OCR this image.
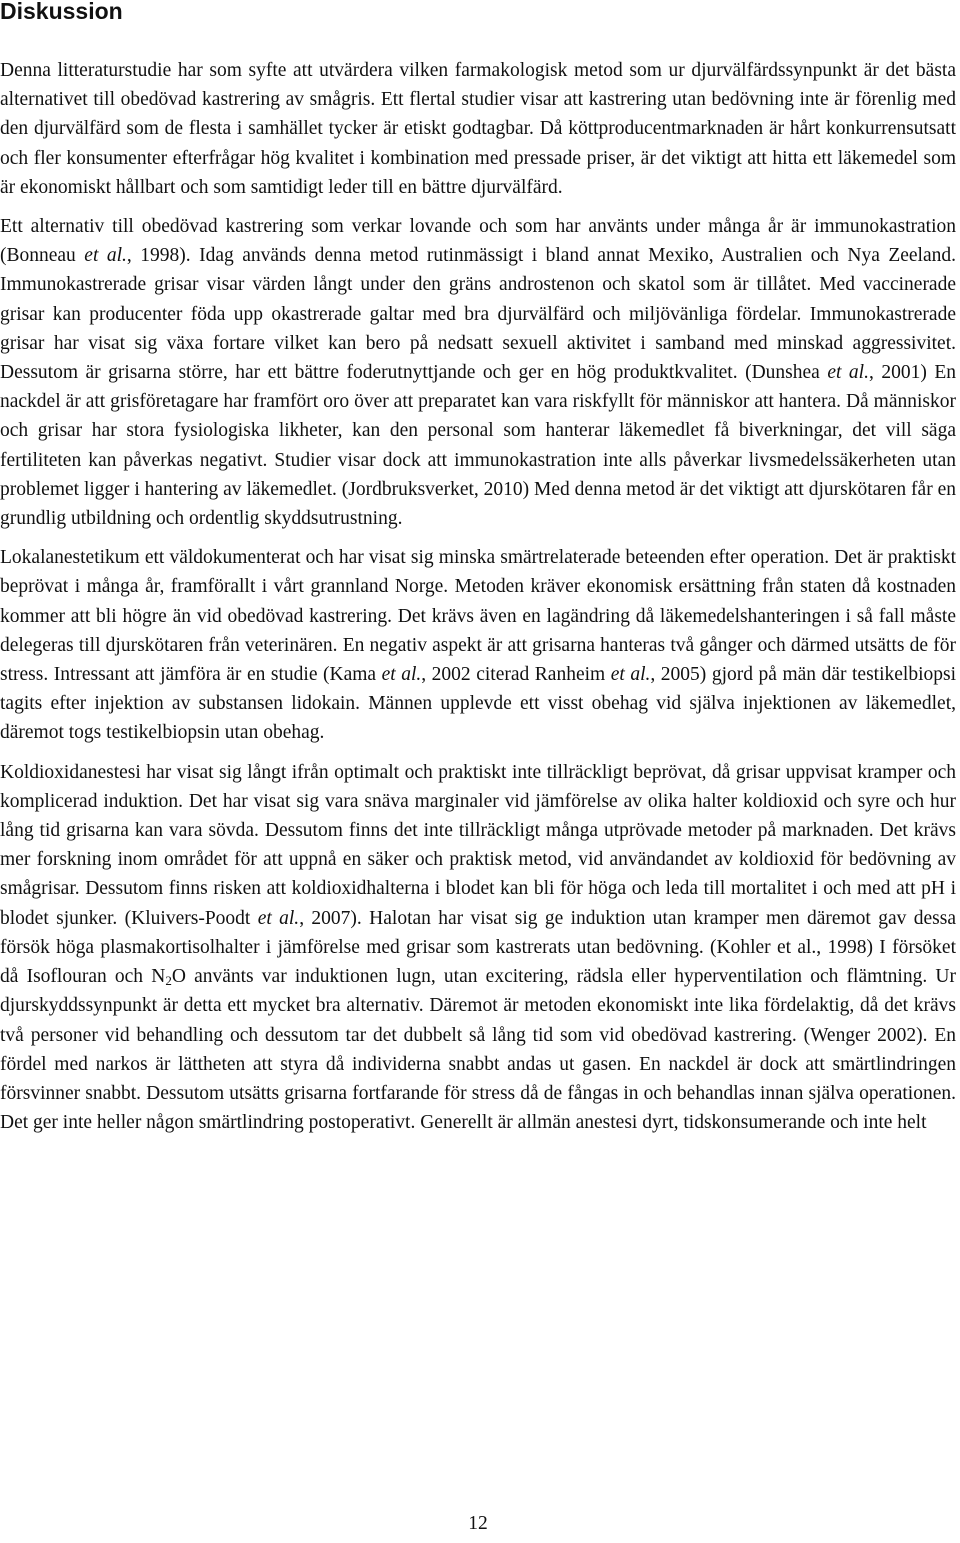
Diskussion

Denna litteraturstudie har som syfte att utvärdera vilken farmakologisk metod som ur djurvälfärdssynpunkt är det bästa alternativet till obedövad kastrering av smågris. Ett flertal studier visar att kastrering utan bedövning inte är förenlig med den djurvälfärd som de flesta i samhället tycker är etiskt godtagbar. Då köttproducentmarknaden är hårt konkurrensutsatt och fler konsumenter efterfrågar hög kvalitet i kombination med pressade priser, är det viktigt att hitta ett läkemedel som är ekonomiskt hållbart och som samtidigt leder till en bättre djurvälfärd.

Ett alternativ till obedövad kastrering som verkar lovande och som har använts under många år är immunokastration (Bonneau et al., 1998). Idag används denna metod rutinmässigt i bland annat Mexiko, Australien och Nya Zeeland. Immunokastrerade grisar visar värden långt under den gräns androstenon och skatol som är tillåtet. Med vaccinerade grisar kan producenter föda upp okastrerade galtar med bra djurvälfärd och miljövänliga fördelar. Immunokastrerade grisar har visat sig växa fortare vilket kan bero på nedsatt sexuell aktivitet i samband med minskad aggressivitet. Dessutom är grisarna större, har ett bättre foderutnyttjande och ger en hög produktkvalitet. (Dunshea et al., 2001) En nackdel är att grisföretagare har framfört oro över att preparatet kan vara riskfyllt för människor att hantera. Då människor och grisar har stora fysiologiska likheter, kan den personal som hanterar läkemedlet få biverkningar, det vill säga fertiliteten kan påverkas negativt. Studier visar dock att immunokastration inte alls påverkar livsmedelssäkerheten utan problemet ligger i hantering av läkemedlet. (Jordbruksverket, 2010) Med denna metod är det viktigt att djurskötaren får en grundlig utbildning och ordentlig skyddsutrustning.

Lokalanestetikum ett väldokumenterat och har visat sig minska smärtrelaterade beteenden efter operation. Det är praktiskt beprövat i många år, framförallt i vårt grannland Norge. Metoden kräver ekonomisk ersättning från staten då kostnaden kommer att bli högre än vid obedövad kastrering. Det krävs även en lagändring då läkemedelshanteringen i så fall måste delegeras till djurskötaren från veterinären. En negativ aspekt är att grisarna hanteras två gånger och därmed utsätts de för stress. Intressant att jämföra är en studie (Kama et al., 2002 citerad Ranheim et al., 2005) gjord på män där testikelbiopsi tagits efter injektion av substansen lidokain. Männen upplevde ett visst obehag vid själva injektionen av läkemedlet, däremot togs testikelbiopsin utan obehag.

Koldioxidanestesi har visat sig långt ifrån optimalt och praktiskt inte tillräckligt beprövat, då grisar uppvisat kramper och komplicerad induktion. Det har visat sig vara snäva marginaler vid jämförelse av olika halter koldioxid och syre och hur lång tid grisarna kan vara sövda. Dessutom finns det inte tillräckligt många utprövade metoder på marknaden. Det krävs mer forskning inom området för att uppnå en säker och praktisk metod, vid användandet av koldioxid för bedövning av smågrisar. Dessutom finns risken att koldioxidhalterna i blodet kan bli för höga och leda till mortalitet i och med att pH i blodet sjunker. (Kluivers-Poodt et al., 2007). Halotan har visat sig ge induktion utan kramper men däremot gav dessa försök höga plasmakortisolhalter i jämförelse med grisar som kastrerats utan bedövning. (Kohler et al., 1998) I försöket då Isoflouran och $N_2O$ använts var induktionen lugn, utan excitering, rädsla eller hyperventilation och flämtning. Ur djurskyddssynpunkt är detta ett mycket bra alternativ. Däremot är metoden ekonomiskt inte lika fördelaktig, då det krävs två personer vid behandling och dessutom tar det dubbelt så lång tid som vid obedövad kastrering. (Wenger 2002). En fördel med narkos är lättheten att styra då individerna snabbt andas ut gasen. En nackdel är dock att smärtlindringen försvinner snabbt. Dessutom utsätts grisarna fortfarande för stress då de fångas in och behandlas innan själva operationen. Det ger inte heller någon smärtlindring postoperativt. Generellt är allmän anestesi dyrt, tidskonsumerande och inte helt

12
